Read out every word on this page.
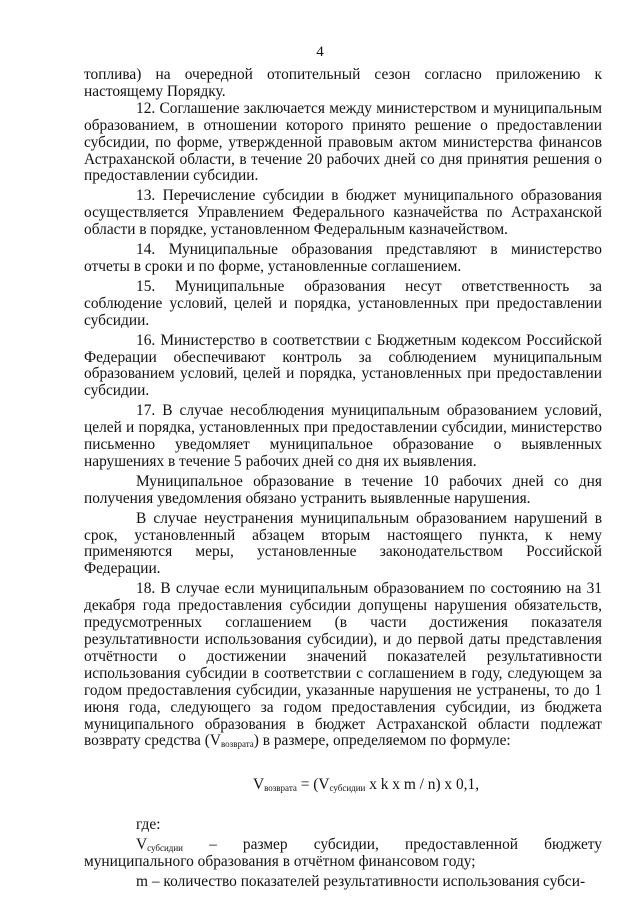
4

топлива) на очередной отопительный сезон согласно приложению к настоящему Порядку.

12. Соглашение заключается между министерством и муниципальным образованием, в отношении которого принято решение о предоставлении субсидии, по форме, утвержденной правовым актом министерства финансов Астраханской области, в течение 20 рабочих дней со дня принятия решения о предоставлении субсидии.

13. Перечисление субсидии в бюджет муниципального образования осуществляется Управлением Федерального казначейства по Астраханской области в порядке, установленном Федеральным казначейством.

14. Муниципальные образования представляют в министерство отчеты в сроки и по форме, установленные соглашением.

15. Муниципальные образования несут ответственность за соблюдение условий, целей и порядка, установленных при предоставлении субсидии.

16. Министерство в соответствии с Бюджетным кодексом Российской Федерации обеспечивают контроль за соблюдением муниципальным образованием условий, целей и порядка, установленных при предоставлении субсидии.

17. В случае несоблюдения муниципальным образованием условий, целей и порядка, установленных при предоставлении субсидии, министерство письменно уведомляет муниципальное образование о выявленных нарушениях в течение 5 рабочих дней со дня их выявления.

Муниципальное образование в течение 10 рабочих дней со дня получения уведомления обязано устранить выявленные нарушения.

В случае неустранения муниципальным образованием нарушений в срок, установленный абзацем вторым настоящего пункта, к нему применяются меры, установленные законодательством Российской Федерации.

18. В случае если муниципальным образованием по состоянию на 31 декабря года предоставления субсидии допущены нарушения обязательств, предусмотренных соглашением (в части достижения показателя результативности использования субсидии), и до первой даты представления отчётности о достижении значений показателей результативности использования субсидии в соответствии с соглашением в году, следующем за годом предоставления субсидии, указанные нарушения не устранены, то до 1 июня года, следующего за годом предоставления субсидии, из бюджета муниципального образования в бюджет Астраханской области подлежат возврату средства $(V_{возврата})$ в размере, определяемом по формуле:

$V_{возврата} = (V_{субсидии}$ x k x m / n) x 0,1,

где:

$V_{субсидии}$ – размер субсидии, предоставленной бюджету муниципального образования в отчётном финансовом году;

m – количество показателей результативности использования субси-
